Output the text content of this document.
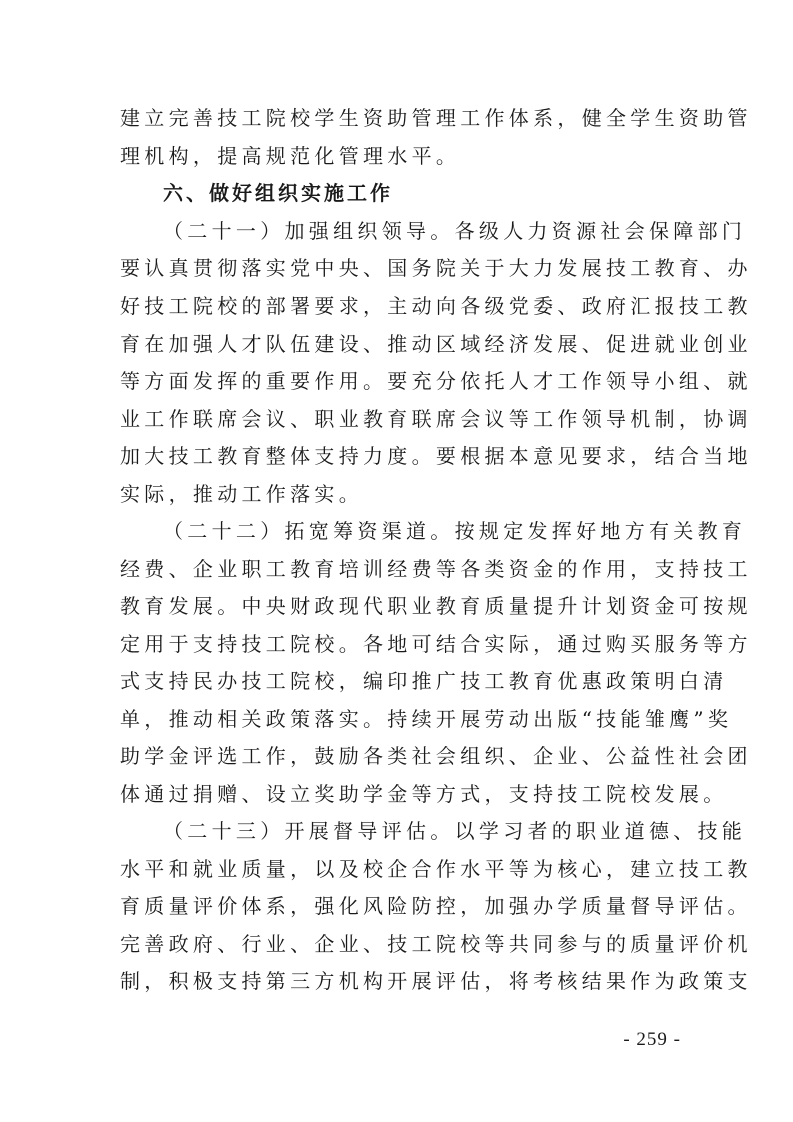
建立完善技工院校学生资助管理工作体系，健全学生资助管
理机构，提高规范化管理水平。
六、做好组织实施工作
（二十一）加强组织领导。各级人力资源社会保障部门
要认真贯彻落实党中央、国务院关于大力发展技工教育、办
好技工院校的部署要求，主动向各级党委、政府汇报技工教
育在加强人才队伍建设、推动区域经济发展、促进就业创业
等方面发挥的重要作用。要充分依托人才工作领导小组、就
业工作联席会议、职业教育联席会议等工作领导机制，协调
加大技工教育整体支持力度。要根据本意见要求，结合当地
实际，推动工作落实。
（二十二）拓宽筹资渠道。按规定发挥好地方有关教育
经费、企业职工教育培训经费等各类资金的作用，支持技工
教育发展。中央财政现代职业教育质量提升计划资金可按规
定用于支持技工院校。各地可结合实际，通过购买服务等方
式支持民办技工院校，编印推广技工教育优惠政策明白清
单，推动相关政策落实。持续开展劳动出版“技能雏鹰”奖
助学金评选工作，鼓励各类社会组织、企业、公益性社会团
体通过捐赠、设立奖助学金等方式，支持技工院校发展。
（二十三）开展督导评估。以学习者的职业道德、技能
水平和就业质量，以及校企合作水平等为核心，建立技工教
育质量评价体系，强化风险防控，加强办学质量督导评估。
完善政府、行业、企业、技工院校等共同参与的质量评价机
制，积极支持第三方机构开展评估，将考核结果作为政策支
- 259 -
